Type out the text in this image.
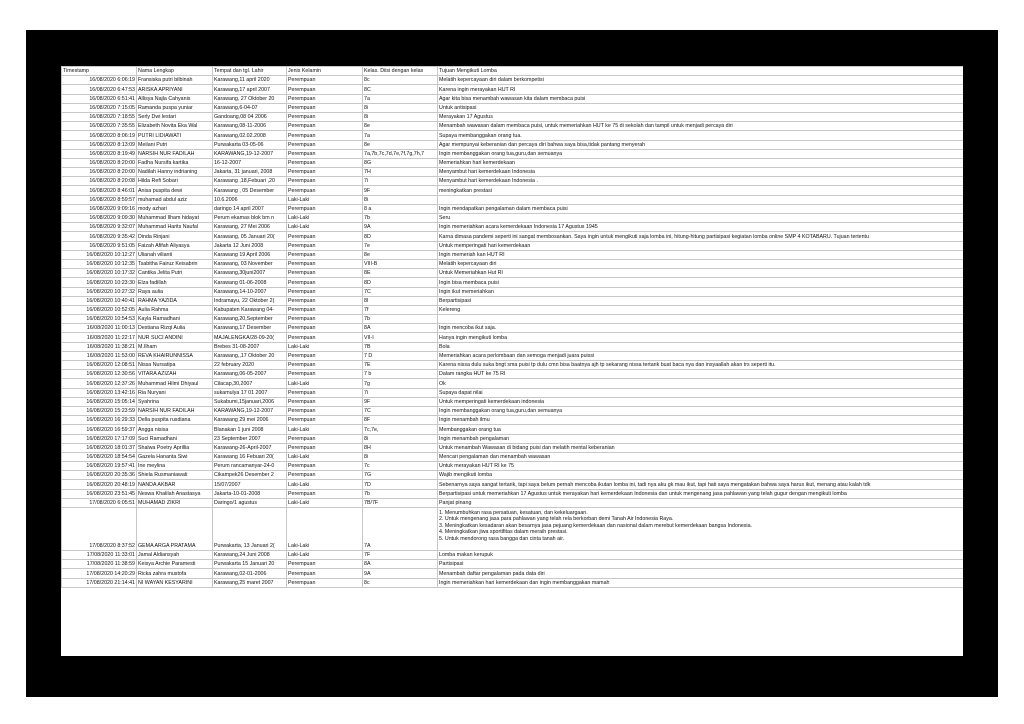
Timestamp	Nama Lengkap	Tempat dan tgl. Lahir	Jenis Kelamin	Kelas. Diisi dengan kelas	Tujuan Mengikuti Lomba
16/08/2020 6:06:19	Fransiska putri bilbinah	Karawang,11 april 2020	Perempuan	8c	Melatih kepercayaan diri dalam berkompetisi
16/08/2020 6:47:53	ARISKA APRIYANI	Karawang,17 april 2007	Perempuan	8C	Karena ingin merayakan HUT RI
16/08/2020 6:51:41	Allisya Najla Cahyanis	Karawang, 27 Oktober 20	Perempuan	7a	Agar kita bisa menambah wawasan kita dalam membaca puisi
16/08/2020 7:15:05	Ramanda puspa yuniar	Karawang,6-04-07	Perempuan	8i	Untuk antisipasi
16/08/2020 7:18:55	Serly Dwi lestari	Gandoang,08 04 2006	Perempuan	8i	Merayakan 17 Agustus
16/08/2020 7:35:55	Elizabeth Novita Eka Wal	Karawang,08-11-2006	Perempuan	8e	Menambah wawasan dalam membaca puisi, untuk memeriahkan HUT ke 75 di sekolah dan tampil untuk menjadi percaya diri
16/08/2020 8:06:19	PUTRI LIDIAWATI	Karawang,02.02.2008	Perempuan	7a	Supaya membanggakan orang tua.
16/08/2020 8:13:09	Meilani Putri	Purwakarta 03-05-06	Perempuan	8e	Agar mempunyai keberanian dan percaya diri bahwa saya bisa,tidak pantang menyerah
16/08/2020 8:19:49	NARSIH NUR FADILAH	KARAWANG,19-12-2007	Perempuan	7a,7b,7c,7d,7e,7f,7g,7h,7	Ingin membanggakan orang tua,guru,dan semuanya
16/08/2020 8:20:00	Fadha Nursifa kartika	16-12-2007	Perempuan	8G	Memeriahkan hari kemerdekaan
16/08/2020 8:20:00	Nadilah Hanny indrianing	Jakarta, 31 januari, 2008	Perempuan	7H	Menyambut hari kemerdekaan Indonesia
16/08/2020 8:20:08	Hilda Refi Sobari	Karawang ,18,Febuari ,20	Perempuan	7i	Menyambut hari kemerdekaan Indonesia .
16/08/2020 8:46:01	Anisa puspita dewi	Karawang , 05 Desember	Perempuan	9F	meningkatkan prestasi
16/08/2020 8:59:57	muhamad abdul aziz	10.6.2006	Laki-Laki	8i	
16/08/2020 9:09:16	mody azhari	daringo 14 april 2007	Perempuan	8 a	Ingin mendapatkan pengalaman dalam membaca puisi
16/08/2020 9:09:30	Muhammad Ilham hidayat	Perum ekamas blok bm n	Laki-Laki	7b	Seru
16/08/2020 9:32:07	Muhammad Harits Naufal	Karawang, 27 Mei 2006	Laki-Laki	9A	Ingin memeriahkan acara kemerdekaan Indonesia 17 Agustus 1945
16/08/2020 9:35:42	Dinda Rinjani	Karawang, 05 Januari 20(	Perempuan	8D	Karna dimasa pandemi seperti ini sangat membosankan. Saya ingin untuk mengikuti saja lomba ini, hitung-hitung partisipasi kegiatan lomba online SMP 4 KOTABARU. Tujuan tertentu
16/08/2020 9:51:05	Faizah Afifah Aliyasya	Jakarta 12 Juni 2008	Perempuan	7e	Untuk memperingati hari kemerdekaan
16/08/2020 10:12:27	Ulianah vilianti	Karawang 19 April 2006	Perempuan	8e	Ingin memeriah kan HUT RI
16/08/2020 10:12:35	Tsabitha Fairuz Keisabrin	Karawang, 03 November	Perempuan	VIII-B	Melatih kepercayaan diri
16/08/2020 10:17:32	Cantika Jelita Putri	Karawang,30juni2007	Perempuan	8E	Untuk Memeriahkan Hut RI
16/08/2020 10:23:30	Elza fadillah	Karawang 01-06-2008	Perempuan	8D	Ingin bisa membaca puisi
16/08/2020 10:27:32	Raya aulia	Karawang,14-10-2007	Perempuan	7C	Ingin ikut memeriahkan
16/08/2020 10:40:41	RAHMA YAZIDA	Indramayu, 22 Oktober 2(	Perempuan	8I	Berpartisipasi
16/08/2020 10:52:05	Aulia Rahma	Kabupaten Karawang 04-	Perempuan	7f	Kelereng
16/08/2020 10:54:53	Kayla Ramadhani	Karawang,20,September	Perempuan	7b	
16/08/2020 11:00:13	Destiana Rizqi Aulia	Karawang,17 Desember	Perempuan	8A	Ingin mencoba ikut saja.
16/08/2020 11:22:17	NUR SUCI ANDINI	MAJALENGKA/28-09-20(	Perempuan	VII-I	Hanya ingin mengikuti lomba
16/08/2020 11:38:21	M.Ilham	Brebes 31-08-2007	Laki-Laki	7B	Bola
16/08/2020 11:53:00	REVA KHAIRUNNISSA	Karawang,,17 Oktober 20	Perempuan	7 D	Memeriahkan acara perlombaan dan semoga menjadi juara puissi
16/08/2020 12:08:51	Nissa Nursatipa	22 february 2020	Perempuan	7E	Karena nissa dulu suka bngt sma puisi tp dulu cmn bisa baatnya ajh tp sekarang nissa tertarik buat baca nya dan insyaallah akan trs seperti itu.
16/08/2020 12:30:56	VITARA AZIZAH	Karawang,06-05-2007	Perempuan	7 b	Dalam rangka HUT ke 75 RI
16/08/2020 12:37:26	Muhammad Hilmi Dhiyaul	Cilacap,30,2007	Laki-Laki	7g	Ok
16/08/2020 13:42:16	Ria Nuryani	sukamulya 17 01 2007	Perempuan	7i	Supaya dapat nilai
16/08/2020 15:05:14	Syahrina	Sukabumi,15januari,2006	Perempuan	9F	Untuk memperingati kemerdekaan indonesia
16/08/2020 15:23:59	NARSIH NUR FADILAH	KARAWANG,19-12-2007	Perempuan	7C	Ingin membanggakan orang tua,guru,dan semuanya
16/08/2020 16:29:33	Della puspita rusdiana	Karawang 29 mei 2006	Perempuan	8F	Ingin menambah ilmu
16/08/2020 16:59:37	Angga nisisa	Blanakan 1 juni 2008	Laki-Laki	7c,7e,	Membanggakan orang tua
16/08/2020 17:17:09	Suci Ramadhani	23 September 2007	Perempuan	8i	Ingin menambah pengalaman
16/08/2020 18:01:37	Shalwa Poetry Aprillia	Karawang-26-April-2007	Perempuan	8H	Untuk menambah Wawasan di bidang puisi dan melatih mental keberanian
16/08/2020 18:54:54	Gazela Hananta Siwi	Karawang 16 Febuari 20(	Laki-Laki	8i	Mencari pengalaman dan menambah wawasan
16/08/2020 19:57:41	Ine meylina	Perum rancamanyar-24-0	Perempuan	7c	Untuk merayakan HUT RI ke 75
16/08/2020 20:35:36	Shiela Rusmaniawati	Cikampek26 Desember 2	Perempuan	7G	Wajib mengikuti lomba
16/08/2020 20:48:19	NANDA AKBAR	15/07/2007	Laki-Laki	7D	Sebenarnya saya sangat tertarik, tapi saya belum pernah mencoba ikutan lomba ini, tadi nya aku gk mau ikut, tapi hati saya mengatakan bahwa saya harus ikut, menang atau kalah tdk
16/08/2020 23:51:45	Neswa Khalilah Anastasya	Jakarta-10-01-2008	Perempuan	7b	Berpartisipasi untuk memeriahkan 17 Agustus untuk merayakan hari kemerdekaan Indonesia dan untuk mengenang jasa pahlawan yang telah gugur dengan mengikuti lomba
17/08/2020 6:05:51	MUHAMAD ZIKRI	Daringo/1 agustus	Laki-Laki	7B/7F	Panjat pinang
17/08/2020 8:37:52	GEMA ARGA PRATAMA	Purwakarta, 13 Januari 2(	Laki-Laki	7A	1. Menumbuhkan rasa persatuan, kesatuan, dan kekeluargaan.
2. Untuk mengenang jasa para pahlawan yang telah rela berkorban demi Tanah Air Indonesia Raya.
3. Meningkatkan kesadaran akan besarnya jasa pejuang kemerdekaan dan nasional dalam merebut kemerdekaan bangsa Indonesia.
4. Meningkatkan jiwa sportifitas dalam meraih prestasi.
5. Untuk mendorong rasa bangga dan cinta tanah air.

17/08/2020 11:33:01	Jamal Aldiansyah	Karawang,24 Juni 2008	Laki-Laki	7F	Lomba makan kerupuk
17/08/2020 11:38:59	Keisya Archie Paramesti	Purwakarta 15 Januari 20	Perempuan	8A	Partisipasi
17/08/2020 14:20:29	Ricka zahra mustofa	Karawang,02-01-2006	Perempuan	9A	Menambah daftar pengalaman pada data diri
17/08/2020 21:14:41	NI WAYAN KESYARINI	Karawang,25 maret 2007	Perempuan	8c	Ingin memeriahkan hari kemerdekaan dan ingin membanggakan mamah
